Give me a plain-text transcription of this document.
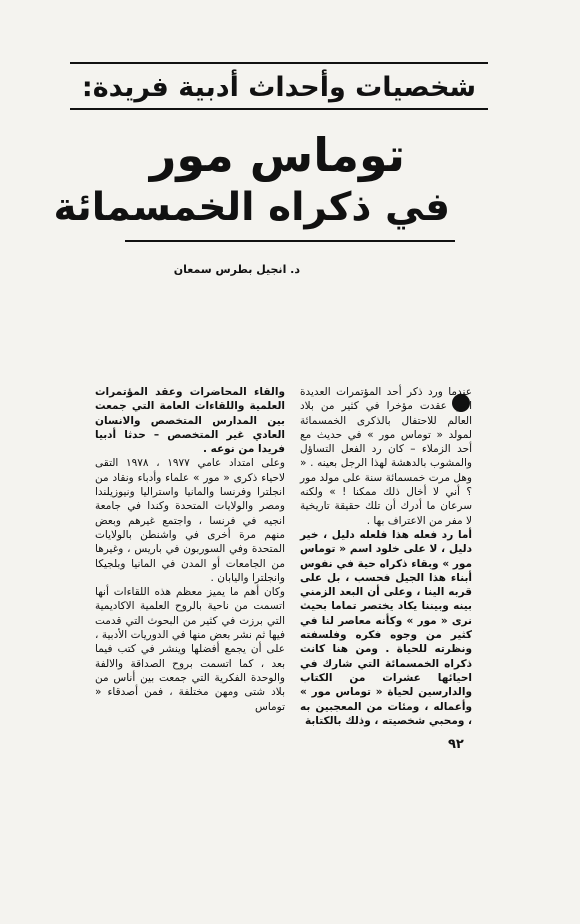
شخصيات وأحداث أدبية فريدة:
توماس مور
في ذكراه الخمسمائة
د. انجيل بطرس سمعان

عندما ورد ذكر أحد المؤتمرات العديدة التي عقدت مؤخرا في كثير من بلاد العالم للاحتفال بالذكرى الخمسمائة لمولد « توماس مور » في حديث مع أحد الزملاء – كان رد الفعل التساؤل والمشوب بالدهشة لهذا الرجل بعينه . « وهل مرت خمسمائة سنة على مولد مور ؟ أني لا أخال ذلك ممكنا ! » ولكنه سرعان ما أدرك أن تلك حقيقة تاريخية لا مفر من الاعتراف بها .

أما رد فعله هذا فلعله دليل ، خير دليل ، لا على خلود اسم « توماس مور » وبقاء ذكراه حية في نفوس أبناء هذا الجيل فحسب ، بل على قربه الينا ، وعلى أن البعد الزمني بينه وبيننا يكاد يختصر تماما بحيث نرى « مور » وكأنه معاصر لنا في كثير من وجوه فكره وفلسفته ونظرته للحياة . ومن هنا كانت ذكراه الخمسمائة التي شارك في احيائها عشرات من الكتاب والدارسين لحياة « توماس مور » وأعماله ، ومئات من المعجبين به ، ومحبي شخصيته ، وذلك بالكتابة

والقاء المحاضرات وعقد المؤتمرات العلمية واللقاءات العامة التي جمعت بين المدارس المتخصص والانسان العادي غير المتخصص – حدثا أدبيا فريدا من نوعه .

وعلى امتداد عامي ١٩٧٧ ، ١٩٧٨ التقى لاحياء ذكرى « مور » علماء وأدباء ونقاد من انجلترا وفرنسا والمانيا واستراليا ونيوزيلندا ومصر والولايات المتحدة وكندا في جامعة انجيه في فرنسا ، واجتمع غيرهم وبعض منهم مرة أخرى في واشنطن بالولايات المتحدة وفي السوربون في باريس ، وغيرها من الجامعات أو المدن في المانيا وبلجيكا وانجلترا واليابان .

وكان أهم ما يميز معظم هذه اللقاءات أنها اتسمت من ناحية بالروح العلمية الاكاديمية التي برزت في كثير من البحوث التي قدمت فيها ثم نشر بعض منها في الدوريات الأدبية ، على أن يجمع أفضلها وينشر في كتب فيما بعد ، كما اتسمت بروح الصداقة والالفة والوحدة الفكرية التي جمعت بين أناس من بلاد شتى ومهن مختلفة ، فمن أصدقاء « توماس

٩٢
